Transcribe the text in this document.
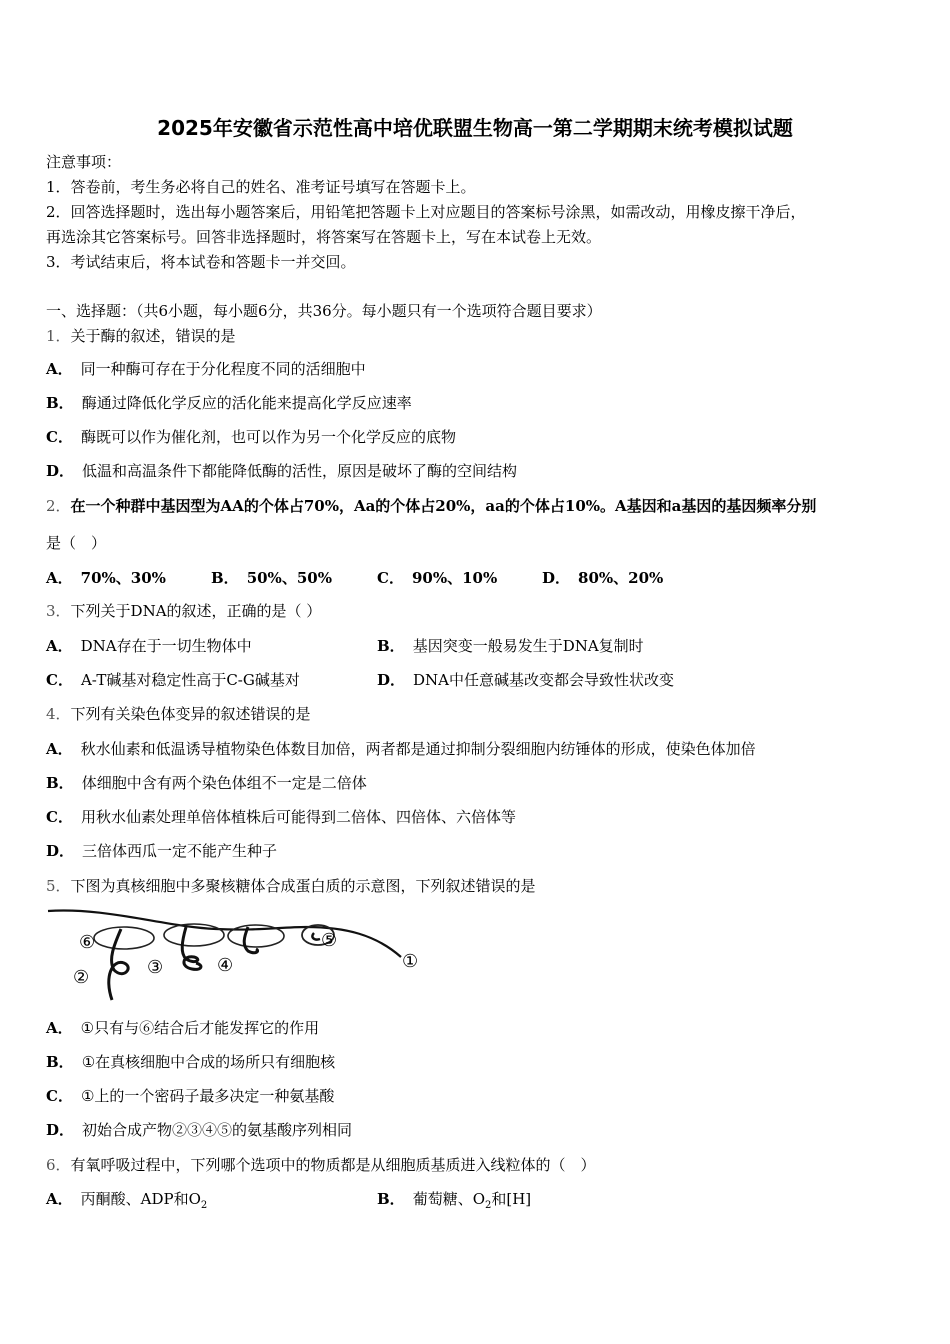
2025年安徽省示范性高中培优联盟生物高一第二学期期末统考模拟试题
注意事项：
1．答卷前，考生务必将自己的姓名、准考证号填写在答题卡上。
2．回答选择题时，选出每小题答案后，用铅笔把答题卡上对应题目的答案标号涂黑，如需改动，用橡皮擦干净后，
再选涂其它答案标号。回答非选择题时，将答案写在答题卡上，写在本试卷上无效。
3．考试结束后，将本试卷和答题卡一并交回。
一、选择题：（共6小题，每小题6分，共36分。每小题只有一个选项符合题目要求）
1．关于酶的叙述，错误的是
A． 同一种酶可存在于分化程度不同的活细胞中
B． 酶通过降低化学反应的活化能来提高化学反应速率
C． 酶既可以作为催化剂，也可以作为另一个化学反应的底物
D． 低温和高温条件下都能降低酶的活性，原因是破坏了酶的空间结构
2．在一个种群中基因型为AA的个体占70%，Aa的个体占20%，aa的个体占10%。A基因和a基因的基因频率分别
是（　）
A． 70%、30%	B． 50%、50%	C． 90%、10%	D． 80%、20%
3．下列关于DNA的叙述，正确的是（ ）
A． DNA存在于一切生物体中	B． 基因突变一般易发生于DNA复制时
C． A-T碱基对稳定性高于C-G碱基对	D． DNA中任意碱基改变都会导致性状改变
4．下列有关染色体变异的叙述错误的是
A． 秋水仙素和低温诱导植物染色体数目加倍，两者都是通过抑制分裂细胞内纺锤体的形成，使染色体加倍
B． 体细胞中含有两个染色体组不一定是二倍体
C． 用秋水仙素处理单倍体植株后可能得到二倍体、四倍体、六倍体等
D． 三倍体西瓜一定不能产生种子
5．下图为真核细胞中多聚核糖体合成蛋白质的示意图，下列叙述错误的是
⑥
②	③	④
⑤
①
A． ①只有与⑥结合后才能发挥它的作用
B． ①在真核细胞中合成的场所只有细胞核
C． ①上的一个密码子最多决定一种氨基酸
D． 初始合成产物②③④⑤的氨基酸序列相同
6．有氧呼吸过程中，下列哪个选项中的物质都是从细胞质基质进入线粒体的（　）
A． 丙酮酸、ADP和$O_2$	B． 葡萄糖、$O_2$和[H]
